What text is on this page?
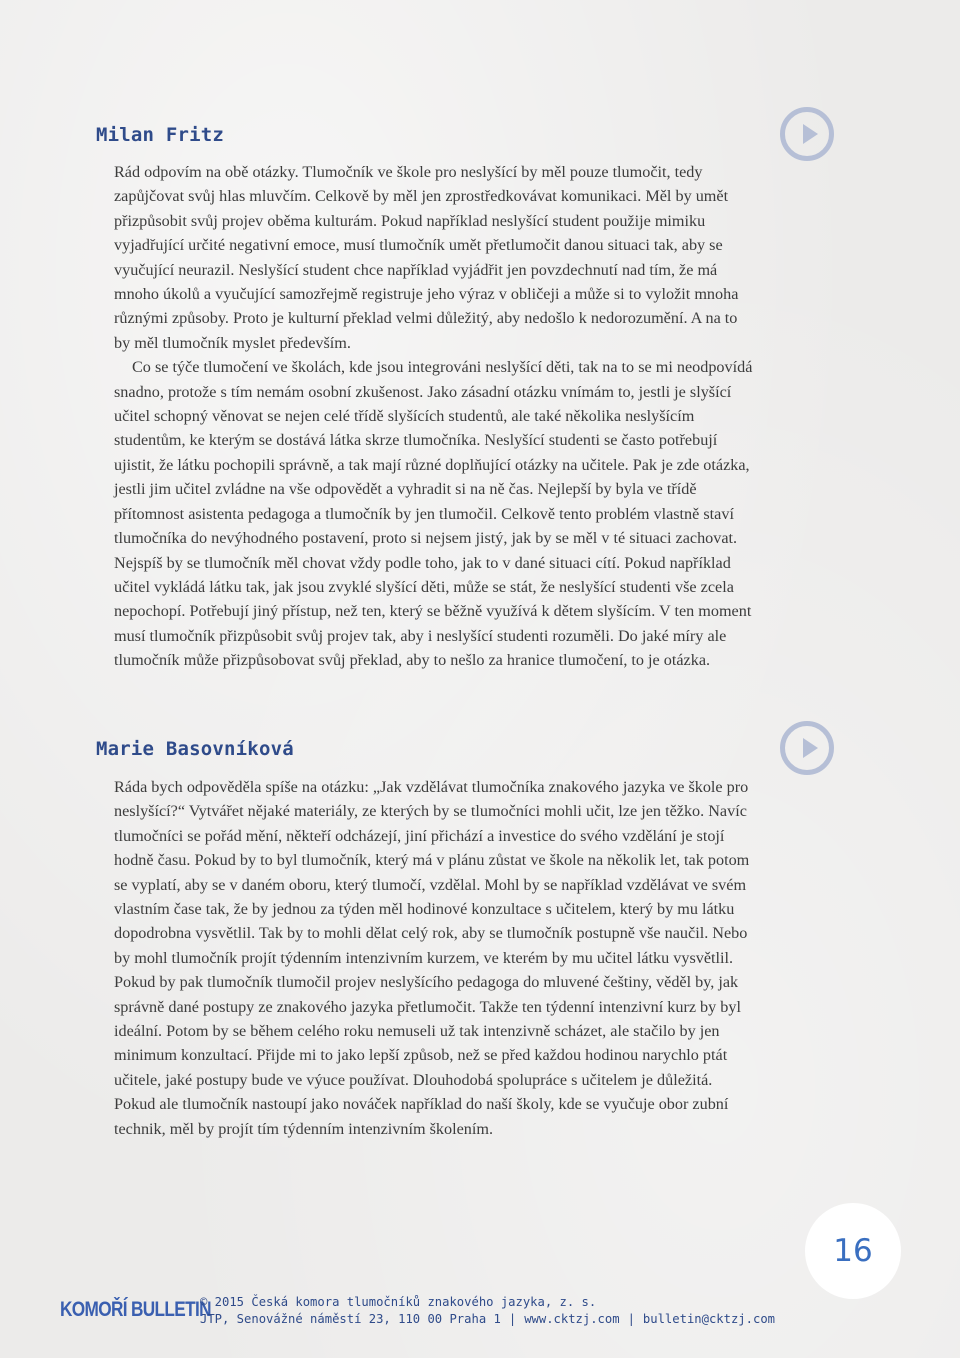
Milan Fritz

Rád odpovím na obě otázky. Tlumočník ve škole pro neslyšící by měl pouze tlumočit, tedy zapůjčovat svůj hlas mluvčím. Celkově by měl jen zprostředkovávat komunikaci. Měl by umět přizpůsobit svůj projev oběma kulturám. Pokud například neslyšící student použije mimiku vyjadřující určité negativní emoce, musí tlumočník umět přetlumočit danou situaci tak, aby se vyučující neurazil. Neslyšící student chce například vyjádřit jen povzdechnutí nad tím, že má mnoho úkolů a vyučující samozřejmě registruje jeho výraz v obličeji a může si to vyložit mnoha různými způsoby. Proto je kulturní překlad velmi důležitý, aby nedošlo k nedorozumění. A na to by měl tlumočník myslet především.

Co se týče tlumočení ve školách, kde jsou integrováni neslyšící děti, tak na to se mi neodpovídá snadno, protože s tím nemám osobní zkušenost. Jako zásadní otázku vnímám to, jestli je slyšící učitel schopný věnovat se nejen celé třídě slyšících studentů, ale také několika neslyšícím studentům, ke kterým se dostává látka skrze tlumočníka. Neslyšící studenti se často potřebují ujistit, že látku pochopili správně, a tak mají různé doplňující otázky na učitele. Pak je zde otázka, jestli jim učitel zvládne na vše odpovědět a vyhradit si na ně čas. Nejlepší by byla ve třídě přítomnost asistenta pedagoga a tlumočník by jen tlumočil. Celkově tento problém vlastně staví tlumočníka do nevýhodného postavení, proto si nejsem jistý, jak by se měl v té situaci zachovat. Nejspíš by se tlumočník měl chovat vždy podle toho, jak to v dané situaci cítí. Pokud například učitel vykládá látku tak, jak jsou zvyklé slyšící děti, může se stát, že neslyšící studenti vše zcela nepochopí. Potřebují jiný přístup, než ten, který se běžně využívá k dětem slyšícím. V ten moment musí tlumočník přizpůsobit svůj projev tak, aby i neslyšící studenti rozuměli. Do jaké míry ale tlumočník může přizpůsobovat svůj překlad, aby to nešlo za hranice tlumočení, to je otázka.

Marie Basovníková

Ráda bych odpověděla spíše na otázku: „Jak vzdělávat tlumočníka znakového jazyka ve škole pro neslyšící?“ Vytvářet nějaké materiály, ze kterých by se tlumočníci mohli učit, lze jen těžko. Navíc tlumočníci se pořád mění, někteří odcházejí, jiní přichází a investice do svého vzdělání je stojí hodně času. Pokud by to byl tlumočník, který má v plánu zůstat ve škole na několik let, tak potom se vyplatí, aby se v daném oboru, který tlumočí, vzdělal. Mohl by se například vzdělávat ve svém vlastním čase tak, že by jednou za týden měl hodinové konzultace s učitelem, který by mu látku dopodrobna vysvětlil. Tak by to mohli dělat celý rok, aby se tlumočník postupně vše naučil. Nebo by mohl tlumočník projít týdenním intenzivním kurzem, ve kterém by mu učitel látku vysvětlil. Pokud by pak tlumočník tlumočil projev neslyšícího pedagoga do mluvené češtiny, věděl by, jak správně dané postupy ze znakového jazyka přetlumočit. Takže ten týdenní intenzivní kurz by byl ideální. Potom by se během celého roku nemuseli už tak intenzivně scházet, ale stačilo by jen minimum konzultací. Přijde mi to jako lepší způsob, než se před každou hodinou narychlo ptát učitele, jaké postupy bude ve výuce používat. Dlouhodobá spolupráce s učitelem je důležitá. Pokud ale tlumočník nastoupí jako nováček například do naší školy, kde se vyučuje obor zubní technik, měl by projít tím týdenním intenzivním školením.

16
KOMOŘÍ BULLETIN
© 2015 Česká komora tlumočníků znakového jazyka, z. s.
JTP, Senovážné náměstí 23, 110 00 Praha 1 | www.cktzj.com | bulletin@cktzj.com
